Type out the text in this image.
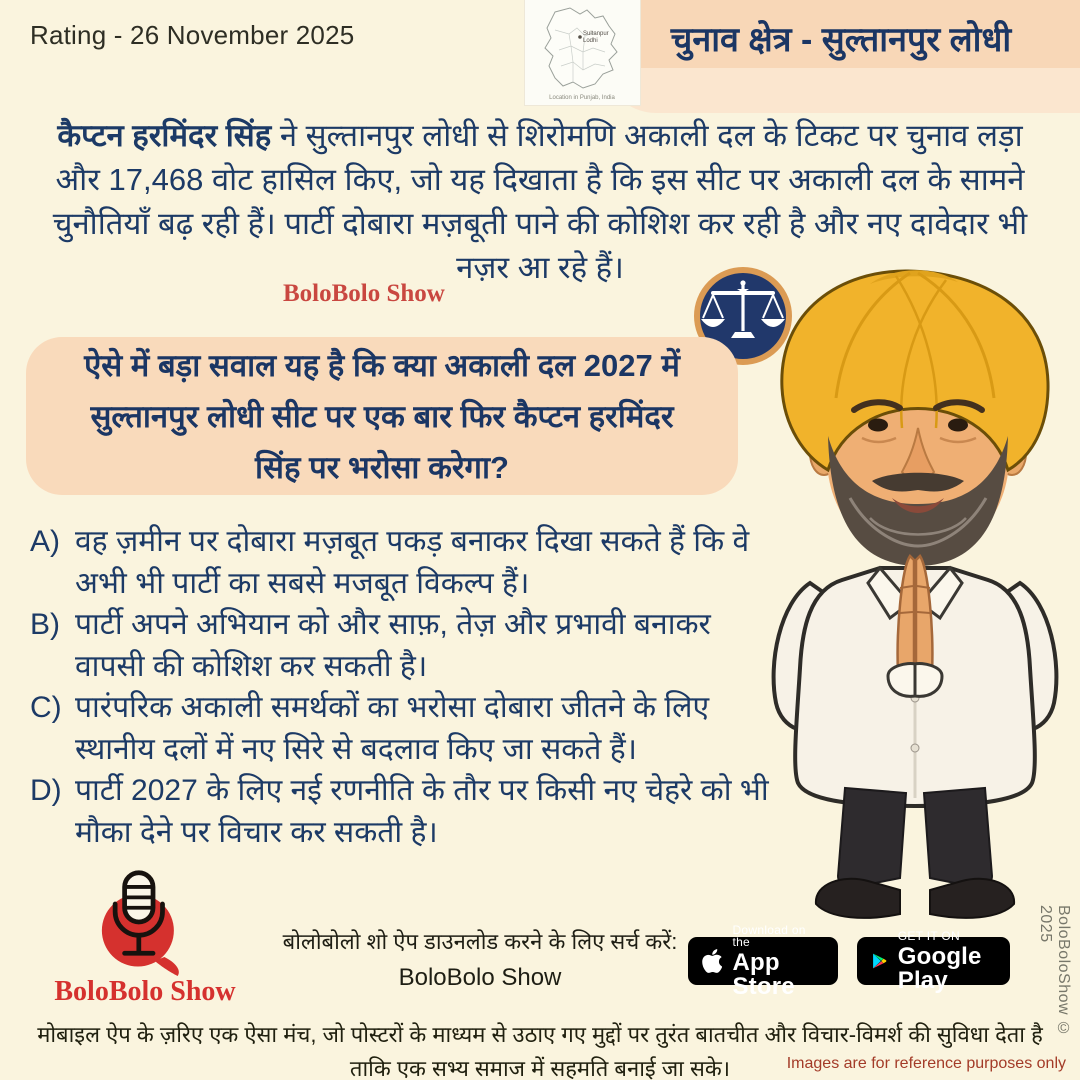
Rating - 26 November 2025	चुनाव क्षेत्र - सुल्तानपुर लोधी
Sultanpur
Lodhi
Location in Punjab, India
कैप्टन हरमिंदर सिंह ने सुल्तानपुर लोधी से शिरोमणि अकाली दल के टिकट पर चुनाव लड़ा
और 17,468 वोट हासिल किए, जो यह दिखाता है कि इस सीट पर अकाली दल के सामने
चुनौतियाँ बढ़ रही हैं। पार्टी दोबारा मज़बूती पाने की कोशिश कर रही है और नए दावेदार भी
नज़र आ रहे हैं।
BoloBolo Show
ऐसे में बड़ा सवाल यह है कि क्या अकाली दल 2027 में
सुल्तानपुर लोधी सीट पर एक बार फिर कैप्टन हरमिंदर
सिंह पर भरोसा करेगा?
A) वह ज़मीन पर दोबारा मज़बूत पकड़ बनाकर दिखा सकते हैं कि वे अभी भी पार्टी का सबसे मजबूत विकल्प हैं।
B) पार्टी अपने अभियान को और साफ़, तेज़ और प्रभावी बनाकर वापसी की कोशिश कर सकती है।
C) पारंपरिक अकाली समर्थकों का भरोसा दोबारा जीतने के लिए स्थानीय दलों में नए सिरे से बदलाव किए जा सकते हैं।
D) पार्टी 2027 के लिए नई रणनीति के तौर पर किसी नए चेहरे को भी मौका देने पर विचार कर सकती है।
BoloBolo Show
बोलोबोलो शो ऐप डाउनलोड करने के लिए सर्च करें:
BoloBolo Show
Download on the
App Store
GET IT ON
Google Play
मोबाइल ऐप के ज़रिए एक ऐसा मंच, जो पोस्टरों के माध्यम से उठाए गए मुद्दों पर तुरंत बातचीत और विचार-विमर्श की सुविधा देता है
ताकि एक सभ्य समाज में सहमति बनाई जा सके।	Images are for reference purposes only
BoloBoloShow © 2025
